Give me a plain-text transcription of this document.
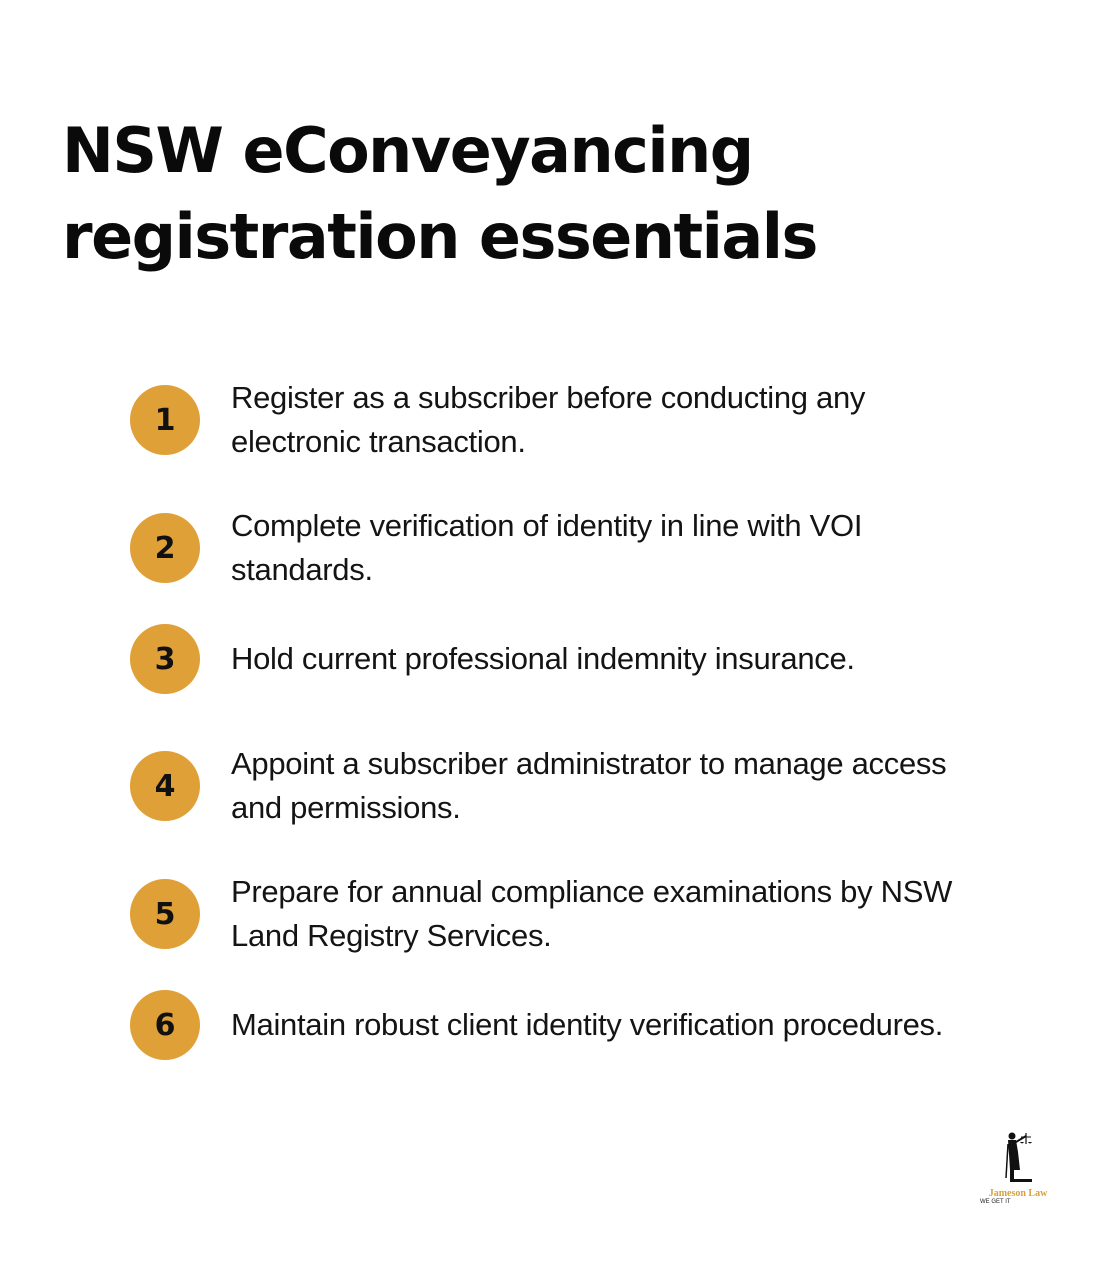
NSW eConveyancing
registration essentials
1
Register as a subscriber before conducting any
electronic transaction.
2
Complete verification of identity in line with VOI
standards.
3	Hold current professional indemnity insurance.
4
Appoint a subscriber administrator to manage access
and permissions.
5
Prepare for annual compliance examinations by NSW
Land Registry Services.
6	Maintain robust client identity verification procedures.
Jameson Law
WE GET IT
